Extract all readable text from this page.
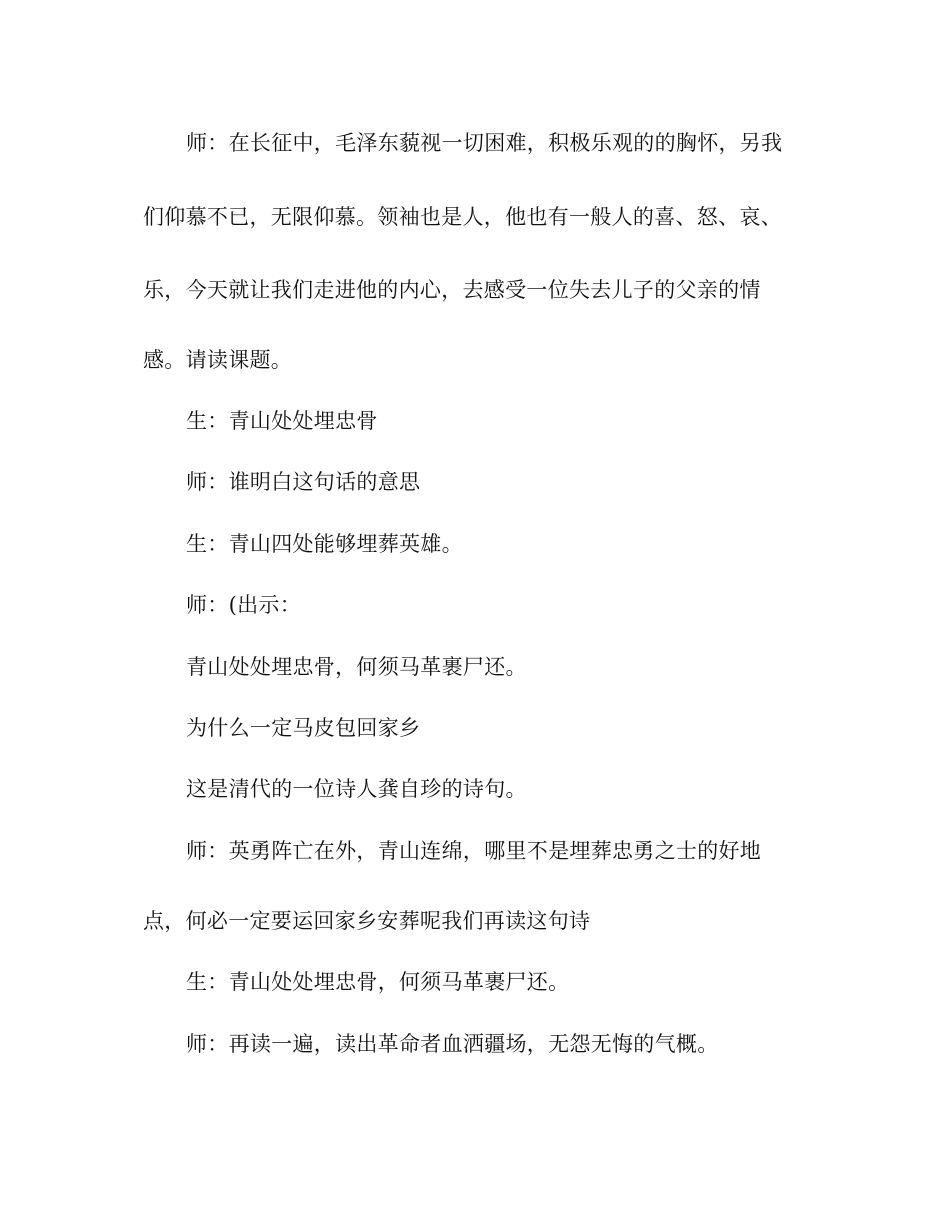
师：在长征中，毛泽东藐视一切困难，积极乐观的的胸怀，另我
们仰慕不已，无限仰慕。领袖也是人，他也有一般人的喜、怒、哀、
乐，今天就让我们走进他的内心，去感受一位失去儿子的父亲的情
感。请读课题。
生：青山处处埋忠骨
师：谁明白这句话的意思
生：青山四处能够埋葬英雄。
师：(出示：
青山处处埋忠骨，何须马革裹尸还。
为什么一定马皮包回家乡
这是清代的一位诗人龚自珍的诗句。
师：英勇阵亡在外，青山连绵，哪里不是埋葬忠勇之士的好地
点，何必一定要运回家乡安葬呢我们再读这句诗
生：青山处处埋忠骨，何须马革裹尸还。
师：再读一遍，读出革命者血洒疆场，无怨无悔的气概。
